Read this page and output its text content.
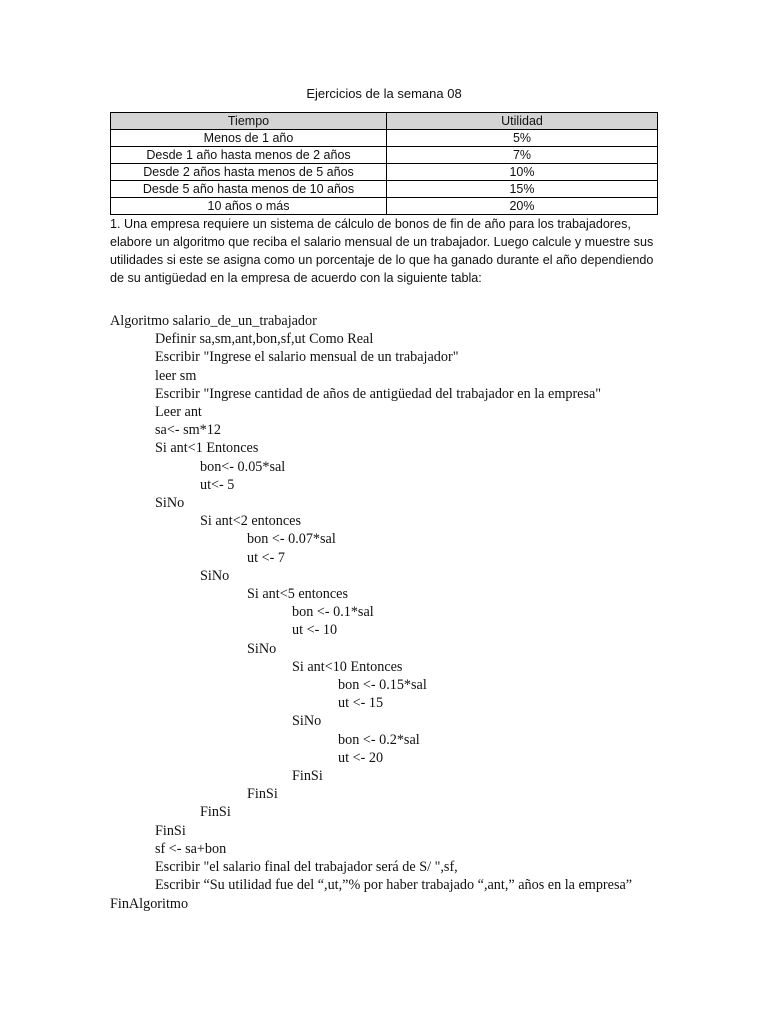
Ejercicios de la semana 08
Tiempo	Utilidad
Menos de 1 año	5%
Desde 1 año hasta menos de 2 años	7%
Desde 2 años hasta menos de 5 años	10%
Desde 5 año hasta menos de 10 años	15%
10 años o más	20%

1. Una empresa requiere un sistema de cálculo de bonos de fin de año para los trabajadores, elabore un algoritmo que reciba el salario mensual de un trabajador. Luego calcule y muestre sus utilidades si este se asigna como un porcentaje de lo que ha ganado durante el año dependiendo de su antigüedad en la empresa de acuerdo con la siguiente tabla:

Algoritmo salario_de_un_trabajador
Definir sa,sm,ant,bon,sf,ut Como Real
Escribir "Ingrese el salario mensual de un trabajador"
leer sm
Escribir "Ingrese cantidad de años de antigüedad del trabajador en la empresa"
Leer ant
sa<- sm*12
Si ant<1 Entonces
bon<- 0.05*sal
ut<- 5
SiNo
Si ant<2 entonces
bon <- 0.07*sal
ut <- 7
SiNo
Si ant<5 entonces
bon <- 0.1*sal
ut <- 10
SiNo
Si ant<10 Entonces
bon <- 0.15*sal
ut <- 15
SiNo
bon <- 0.2*sal
ut <- 20
FinSi
FinSi
FinSi
FinSi
sf <- sa+bon
Escribir "el salario final del trabajador será de S/ ",sf,
Escribir “Su utilidad fue del “,ut,”% por haber trabajado “,ant,” años en la empresa”
FinAlgoritmo
